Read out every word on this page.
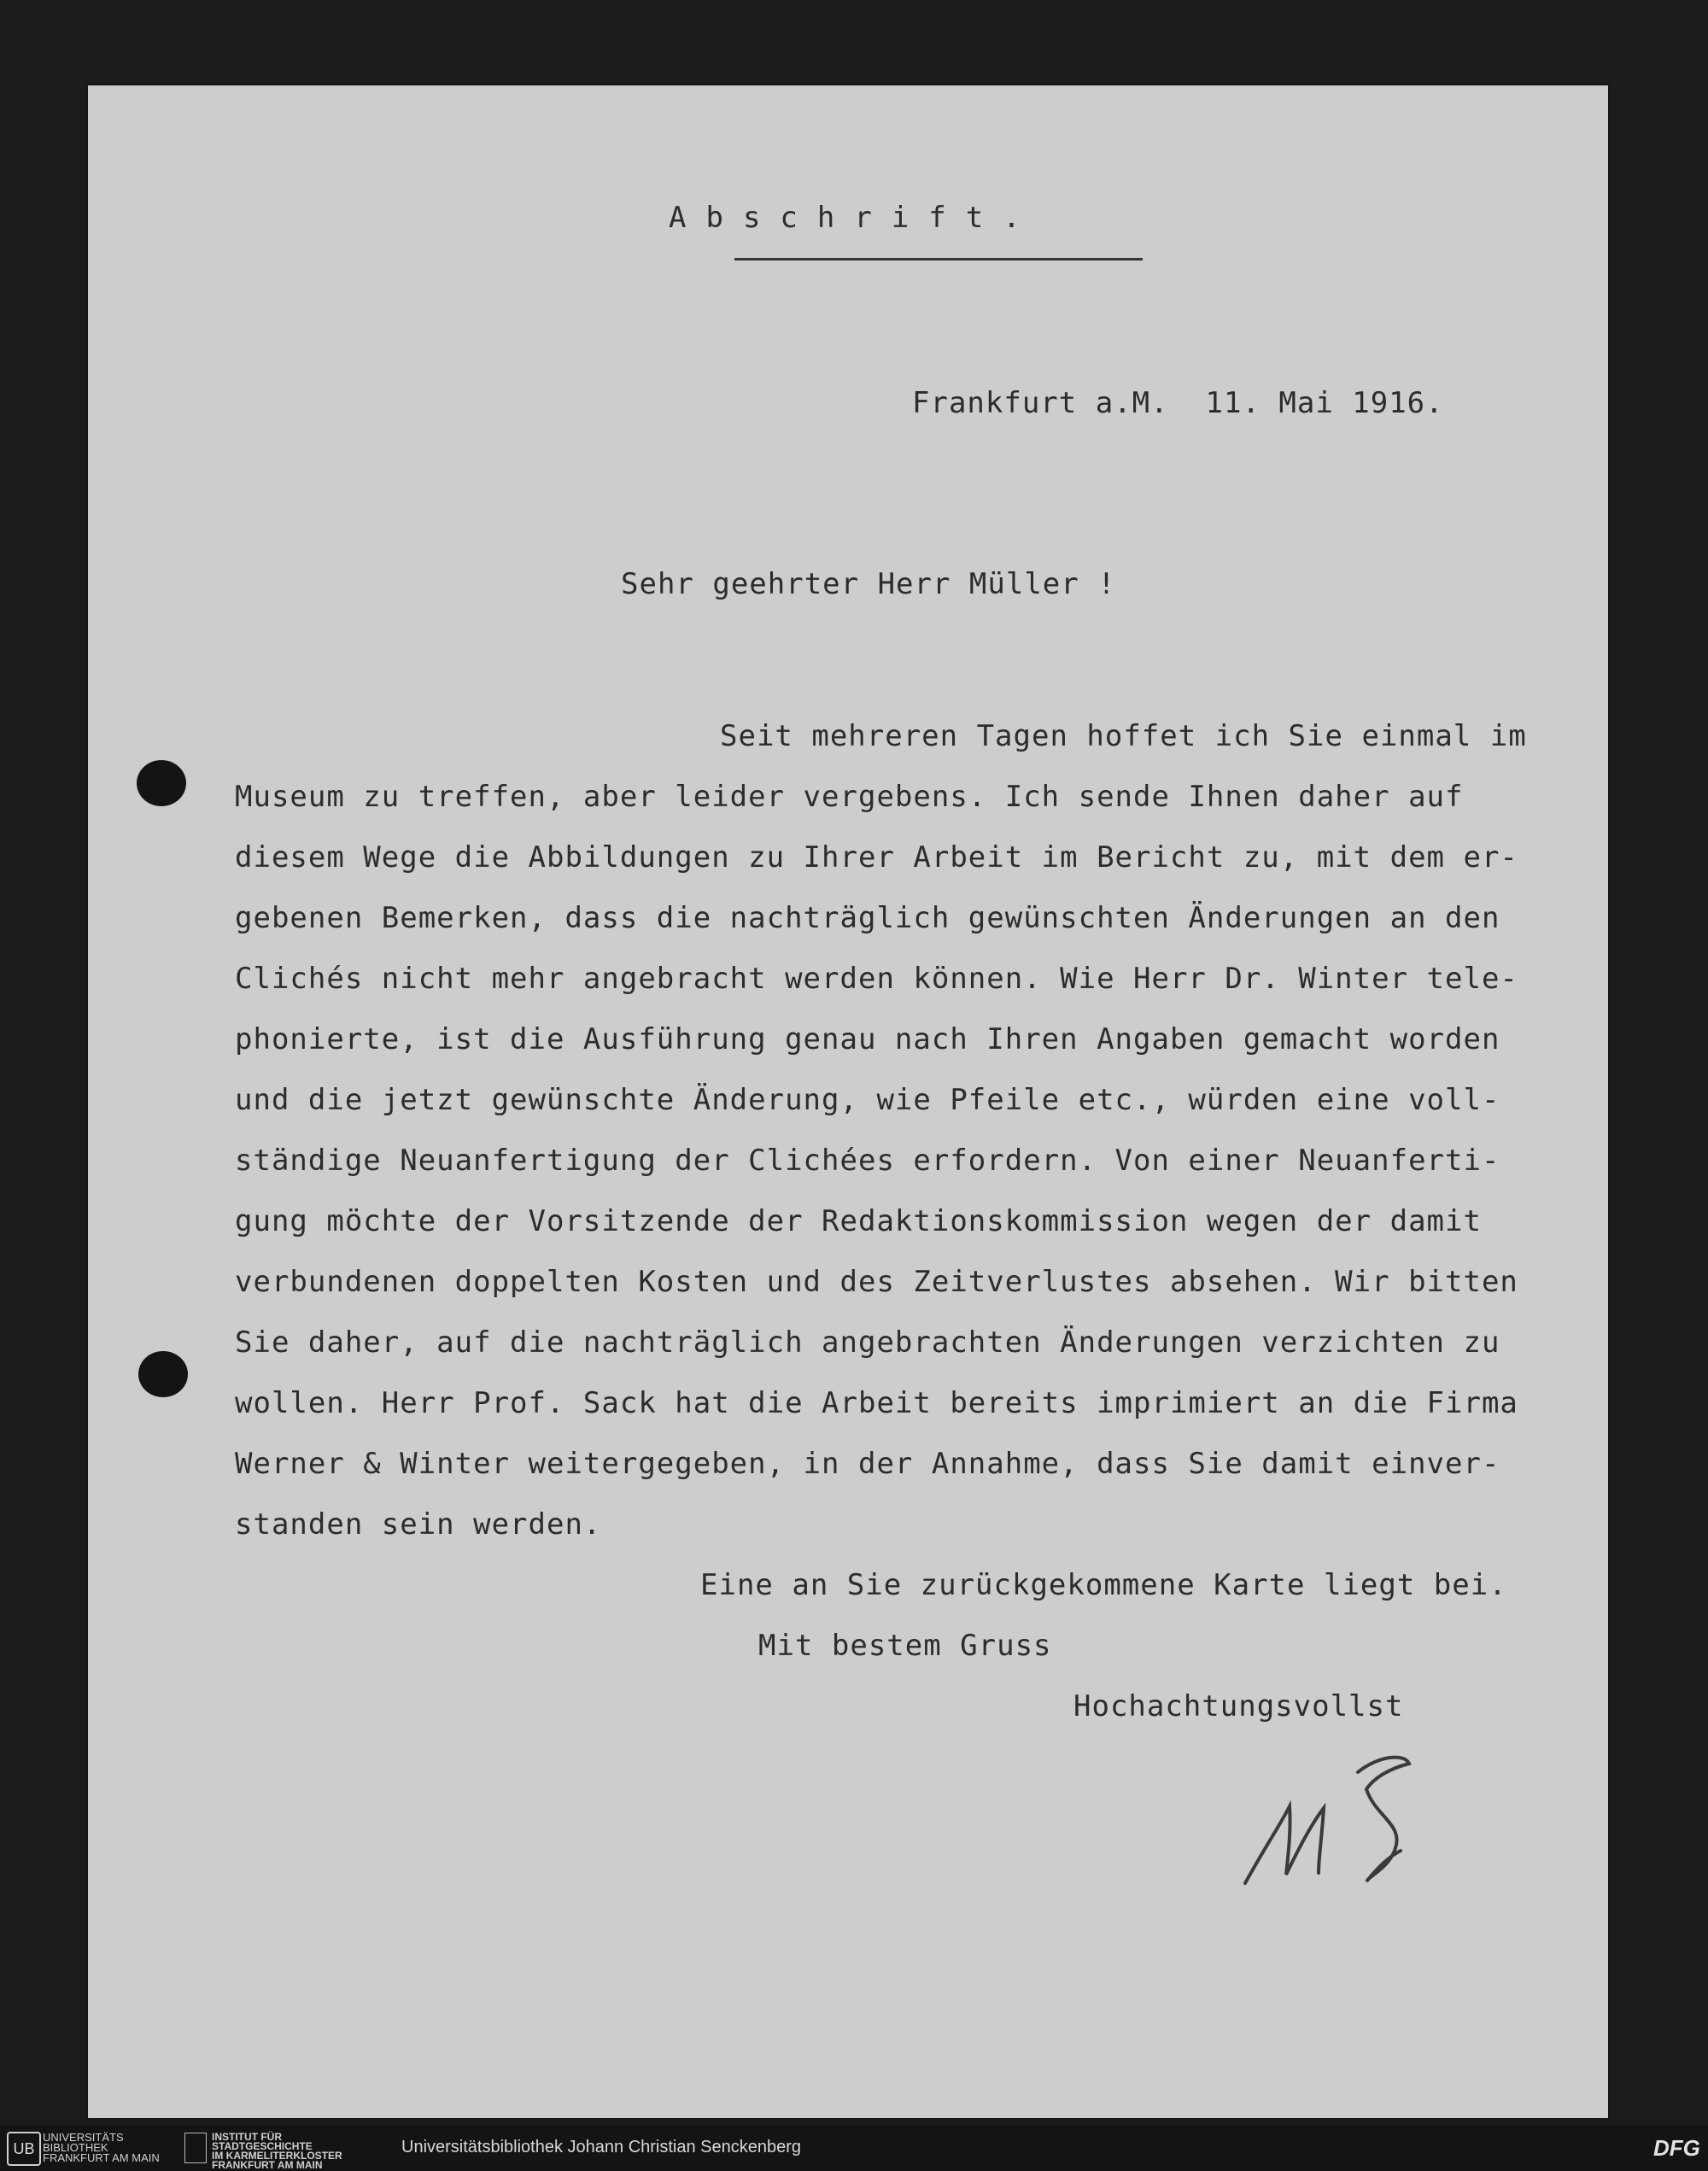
Abschrift.
Frankfurt a.M.  11. Mai 1916.
Sehr geehrter Herr Müller !
Seit mehreren Tagen hoffet ich Sie einmal im
Museum zu treffen, aber leider vergebens. Ich sende Ihnen daher auf
diesem Wege die Abbildungen zu Ihrer Arbeit im Bericht zu, mit dem er-
gebenen Bemerken, dass die nachträglich gewünschten Änderungen an den
Clichés nicht mehr angebracht werden können. Wie Herr Dr. Winter tele-
phonierte, ist die Ausführung genau nach Ihren Angaben gemacht worden
und die jetzt gewünschte Änderung, wie Pfeile etc., würden eine voll-
ständige Neuanfertigung der Clichées erfordern. Von einer Neuanferti-
gung möchte der Vorsitzende der Redaktionskommission wegen der damit
verbundenen doppelten Kosten und des Zeitverlustes absehen. Wir bitten
Sie daher, auf die nachträglich angebrachten Änderungen verzichten zu
wollen. Herr Prof. Sack hat die Arbeit bereits imprimiert an die Firma
Werner & Winter weitergegeben, in der Annahme, dass Sie damit einver-
standen sein werden.
Eine an Sie zurückgekommene Karte liegt bei.
Mit bestem Gruss
Hochachtungsvollst
UB
UNIVERSITÄTS
BIBLIOTHEK
FRANKFURT AM MAIN
INSTITUT FÜR
STADTGESCHICHTE
IM KARMELITERKLOSTER
FRANKFURT AM MAIN
Universitätsbibliothek Johann Christian Senckenberg	DFG
